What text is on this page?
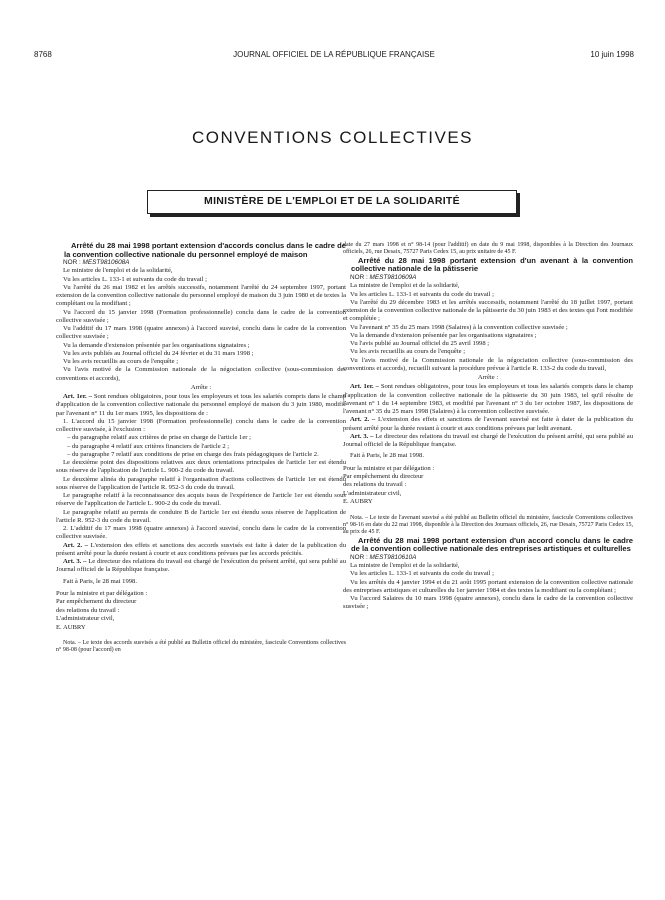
8768	JOURNAL OFFICIEL DE LA RÉPUBLIQUE FRANÇAISE	10 juin 1998
CONVENTIONS COLLECTIVES
MINISTÈRE DE L'EMPLOI ET DE LA SOLIDARITÉ

Arrêté du 28 mai 1998 portant extension d'accords conclus dans le cadre de la convention collective nationale du personnel employé de maison

NOR : MEST9810608A

Le ministre de l'emploi et de la solidarité,

Vu les articles L. 133-1 et suivants du code du travail ;

Vu l'arrêté du 26 mai 1982 et les arrêtés successifs, notamment l'arrêté du 24 septembre 1997, portant extension de la convention collective nationale du personnel employé de maison du 3 juin 1980 et de textes la complétant ou la modifiant ;

Vu l'accord du 15 janvier 1998 (Formation professionnelle) conclu dans le cadre de la convention collective susvisée ;

Vu l'additif du 17 mars 1998 (quatre annexes) à l'accord susvisé, conclu dans le cadre de la convention collective susvisée ;

Vu la demande d'extension présentée par les organisations signataires ;

Vu les avis publiés au Journal officiel du 24 février et du 31 mars 1998 ;

Vu les avis recueillis au cours de l'enquête ;

Vu l'avis motivé de la Commission nationale de la négociation collective (sous-commission des conventions et accords),

Arrête :

Art. 1er. – Sont rendues obligatoires, pour tous les employeurs et tous les salariés compris dans le champ d'application de la convention collective nationale du personnel employé de maison du 3 juin 1980, modifié par l'avenant n° 11 du 1er mars 1995, les dispositions de :

1. L'accord du 15 janvier 1998 (Formation professionnelle) conclu dans le cadre de la convention collective susvisée, à l'exclusion :

– du paragraphe relatif aux critères de prise en charge de l'article 1er ;

– du paragraphe 4 relatif aux critères financiers de l'article 2 ;

– du paragraphe 7 relatif aux conditions de prise en charge des frais pédagogiques de l'article 2.

Le deuxième point des dispositions relatives aux deux orientations principales de l'article 1er est étendu sous réserve de l'application de l'article L. 900-2 du code du travail.

Le deuxième alinéa du paragraphe relatif à l'organisation d'actions collectives de l'article 1er est étendu sous réserve de l'application de l'article R. 952-3 du code du travail.

Le paragraphe relatif à la reconnaissance des acquis issus de l'expérience de l'article 1er est étendu sous réserve de l'application de l'article L. 900-2 du code du travail.

Le paragraphe relatif au permis de conduire B de l'article 1er est étendu sous réserve de l'application de l'article R. 952-3 du code du travail.

2. L'additif du 17 mars 1998 (quatre annexes) à l'accord susvisé, conclu dans le cadre de la convention collective susvisée.

Art. 2. – L'extension des effets et sanctions des accords susvisés est faite à dater de la publication du présent arrêté pour la durée restant à courir et aux conditions prévues par les accords précités.

Art. 3. – Le directeur des relations du travail est chargé de l'exécution du présent arrêté, qui sera publié au Journal officiel de la République française.

Fait à Paris, le 28 mai 1998.

Pour la ministre et par délégation :

Par empêchement du directeur

des relations du travail :

L'administrateur civil,

E. AUBRY

Nota. – Le texte des accords susvisés a été publié au Bulletin officiel du ministère, fascicule Conventions collectives n° 98-08 (pour l'accord) en

date du 27 mars 1998 et n° 98-14 (pour l'additif) en date du 9 mai 1998, disponibles à la Direction des Journaux officiels, 26, rue Desaix, 75727 Paris Cedex 15, au prix unitaire de 45 F.

Arrêté du 28 mai 1998 portant extension d'un avenant à la convention collective nationale de la pâtisserie

NOR : MEST9810609A

La ministre de l'emploi et de la solidarité,

Vu les articles L. 133-1 et suivants du code du travail ;

Vu l'arrêté du 29 décembre 1983 et les arrêtés successifs, notamment l'arrêté du 18 juillet 1997, portant extension de la convention collective nationale de la pâtisserie du 30 juin 1983 et des textes qui l'ont modifiée et complétée ;

Vu l'avenant n° 35 du 25 mars 1998 (Salaires) à la convention collective susvisée ;

Vu la demande d'extension présentée par les organisations signataires ;

Vu l'avis publié au Journal officiel du 25 avril 1998 ;

Vu les avis recueillis au cours de l'enquête ;

Vu l'avis motivé de la Commission nationale de la négociation collective (sous-commission des conventions et accords), recueilli suivant la procédure prévue à l'article R. 133-2 du code du travail,

Arrête :

Art. 1er. – Sont rendues obligatoires, pour tous les employeurs et tous les salariés compris dans le champ d'application de la convention collective nationale de la pâtisserie du 30 juin 1983, tel qu'il résulte de l'avenant n° 1 du 14 septembre 1983, et modifié par l'avenant n° 3 du 1er octobre 1987, les dispositions de l'avenant n° 35 du 25 mars 1998 (Salaires) à la convention collective susvisée.

Art. 2. – L'extension des effets et sanctions de l'avenant susvisé est faite à dater de la publication du présent arrêté pour la durée restant à courir et aux conditions prévues par ledit avenant.

Art. 3. – Le directeur des relations du travail est chargé de l'exécution du présent arrêté, qui sera publié au Journal officiel de la République française.

Fait à Paris, le 28 mai 1998.

Pour la ministre et par délégation :

Par empêchement du directeur

des relations du travail :

L'administrateur civil,

E. AUBRY

Nota. – Le texte de l'avenant susvisé a été publié au Bulletin officiel du ministère, fascicule Conventions collectives n° 98-16 en date du 22 mai 1998, disponible à la Direction des Journaux officiels, 26, rue Desaix, 75727 Paris Cedex 15, au prix de 45 F.

Arrêté du 28 mai 1998 portant extension d'un accord conclu dans le cadre de la convention collective nationale des entreprises artistiques et culturelles

NOR : MEST9810610A

La ministre de l'emploi et de la solidarité,

Vu les articles L. 133-1 et suivants du code du travail ;

Vu les arrêtés du 4 janvier 1994 et du 21 août 1995 portant extension de la convention collective nationale des entreprises artistiques et culturelles du 1er janvier 1984 et des textes la modifiant ou la complétant ;

Vu l'accord Salaires du 10 mars 1998 (quatre annexes), conclu dans le cadre de la convention collective susvisée ;
